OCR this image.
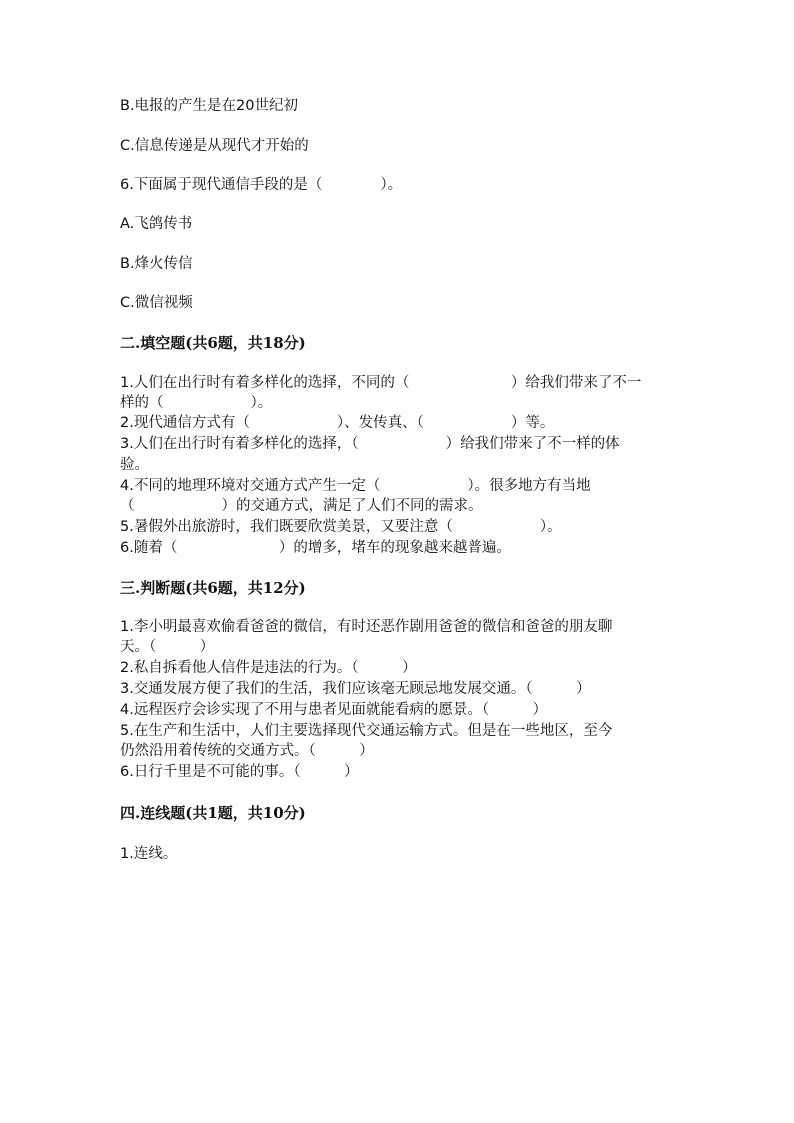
B.电报的产生是在20世纪初
C.信息传递是从现代才开始的
6.下面属于现代通信手段的是（　　　　）。
A.飞鸽传书
B.烽火传信
C.微信视频
二.填空题(共6题，共18分)
1.人们在出行时有着多样化的选择，不同的（　　　　　　　）给我们带来了不一
样的（　　　　　　）。
2.现代通信方式有（　　　　　　）、发传真、（　　　　　　）等。
3.人们在出行时有着多样化的选择，（　　　　　　）给我们带来了不一样的体
验。
4.不同的地理环境对交通方式产生一定（　　　　　　）。很多地方有当地
（　　　　　　）的交通方式，满足了人们不同的需求。
5.暑假外出旅游时，我们既要欣赏美景，又要注意（　　　　　　）。
6.随着（　　　　　　　）的增多，堵车的现象越来越普遍。
三.判断题(共6题，共12分)
1.李小明最喜欢偷看爸爸的微信，有时还恶作剧用爸爸的微信和爸爸的朋友聊
天。（　　　）
2.私自拆看他人信件是违法的行为。（　　　）
3.交通发展方便了我们的生活，我们应该毫无顾忌地发展交通。（　　　）
4.远程医疗会诊实现了不用与患者见面就能看病的愿景。（　　　）
5.在生产和生活中，人们主要选择现代交通运输方式。但是在一些地区，至今
仍然沿用着传统的交通方式。（　　　）
6.日行千里是不可能的事。（　　　）
四.连线题(共1题，共10分)
1.连线。
